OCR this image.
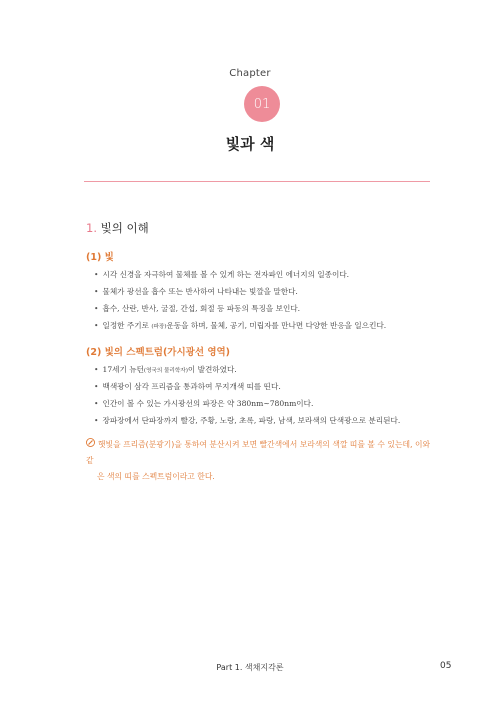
Chapter
01
빛과 색
1. 빛의 이해
(1) 빛
• 시각 신경을 자극하여 물체를 볼 수 있게 하는 전자파인 에너지의 일종이다.
• 물체가 광선을 흡수 또는 반사하여 나타내는 빛깔을 말한다.
• 흡수, 산란, 반사, 굴절, 간섭, 회절 등 파동의 특징을 보인다.
• 일정한 주기로 (파장)운동을 하며, 물체, 공기, 미립자를 만나면 다양한 반응을 일으킨다.
(2) 빛의 스펙트럼(가시광선 영역)
• 17세기 뉴턴(영국의 물리학자)이 발견하였다.
• 백색광이 삼각 프리즘을 통과하여 무지개색 띠를 띤다.
• 인간이 볼 수 있는 가시광선의 파장은 약 380nm~780nm이다.
• 장파장에서 단파장까지 빨강, 주황, 노랑, 초록, 파랑, 남색, 보라색의 단색광으로 분리된다.
햇빛을 프리즘(분광기)을 통하여 분산시켜 보면 빨간색에서 보라색의 색깔 띠를 볼 수 있는데, 이와 같
은 색의 띠를 스펙트럼이라고 한다.
Part 1. 색채지각론	05
